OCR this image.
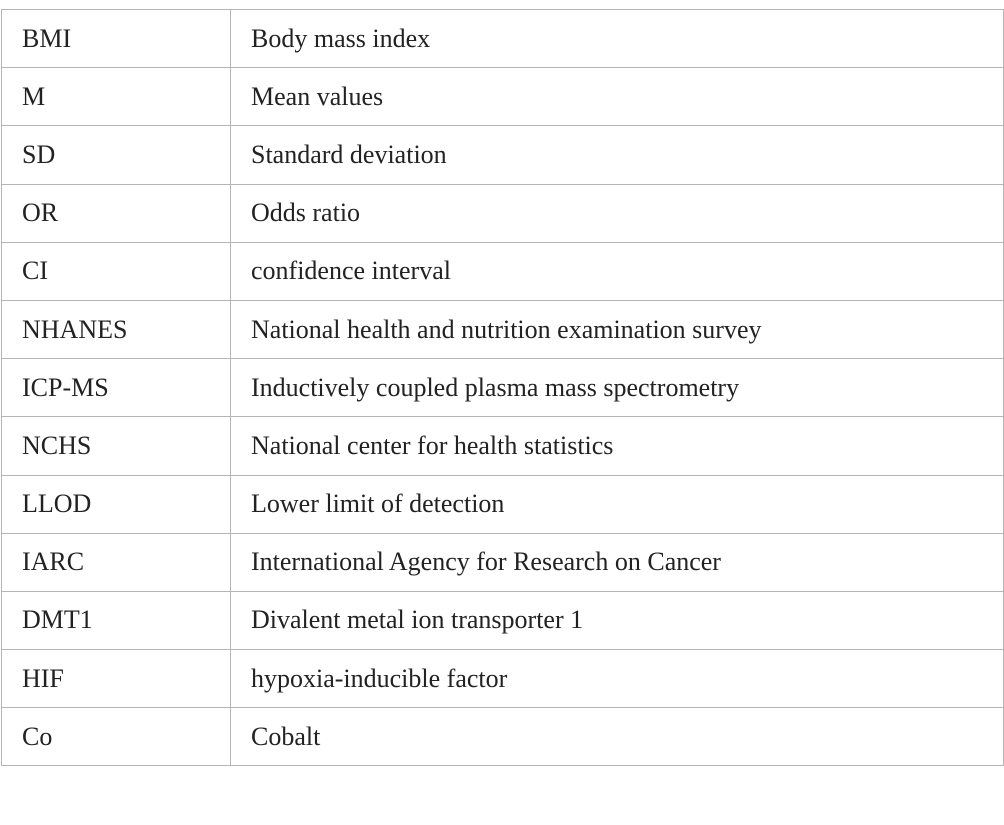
BMI	Body mass index
M	Mean values
SD	Standard deviation
OR	Odds ratio
CI	confidence interval
NHANES	National health and nutrition examination survey
ICP-MS	Inductively coupled plasma mass spectrometry
NCHS	National center for health statistics
LLOD	Lower limit of detection
IARC	International Agency for Research on Cancer
DMT1	Divalent metal ion transporter 1
HIF	hypoxia-inducible factor
Co	Cobalt
